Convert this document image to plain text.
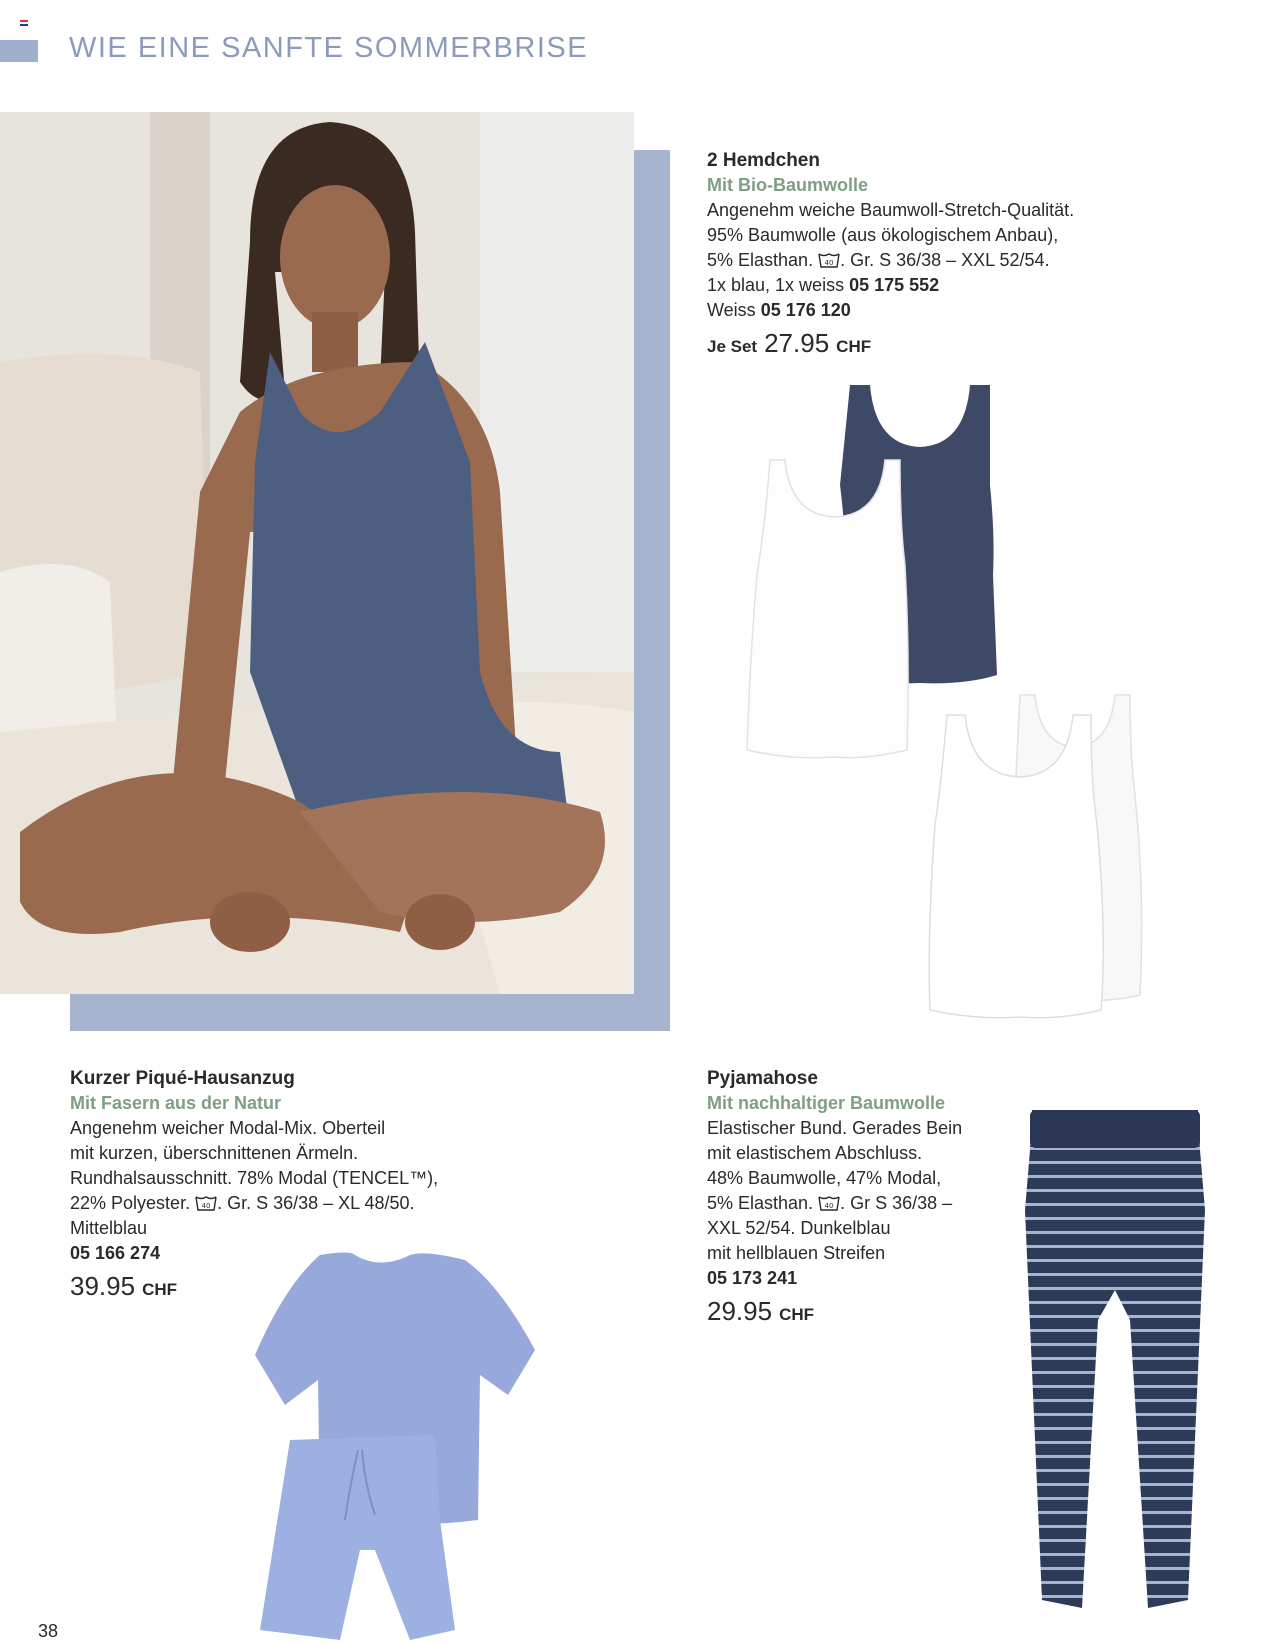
WIE EINE SANFTE SOMMERBRISE
2 Hemdchen
Mit Bio-Baumwolle
Angenehm weiche Baumwoll-Stretch-Qualität.
95% Baumwolle (aus ökologischem Anbau),
5% Elasthan. 40 . Gr. S 36/38 – XXL 52/54.
1x blau, 1x weiss 05 175 552
Weiss 05 176 120
Je Set 27.95 CHF
Kurzer Piqué-Hausanzug
Mit Fasern aus der Natur
Angenehm weicher Modal-Mix. Oberteil
mit kurzen, überschnittenen Ärmeln.
Rundhalsausschnitt. 78% Modal (TENCEL™),
22% Polyester. 40 . Gr. S 36/38 – XL 48/50.
Mittelblau
05 166 274
39.95 CHF
Pyjamahose
Mit nachhaltiger Baumwolle
Elastischer Bund. Gerades Bein
mit elastischem Abschluss.
48% Baumwolle, 47% Modal,
5% Elasthan. 40 . Gr S 36/38 –
XXL 52/54. Dunkelblau
mit hellblauen Streifen
05 173 241
29.95 CHF
38
